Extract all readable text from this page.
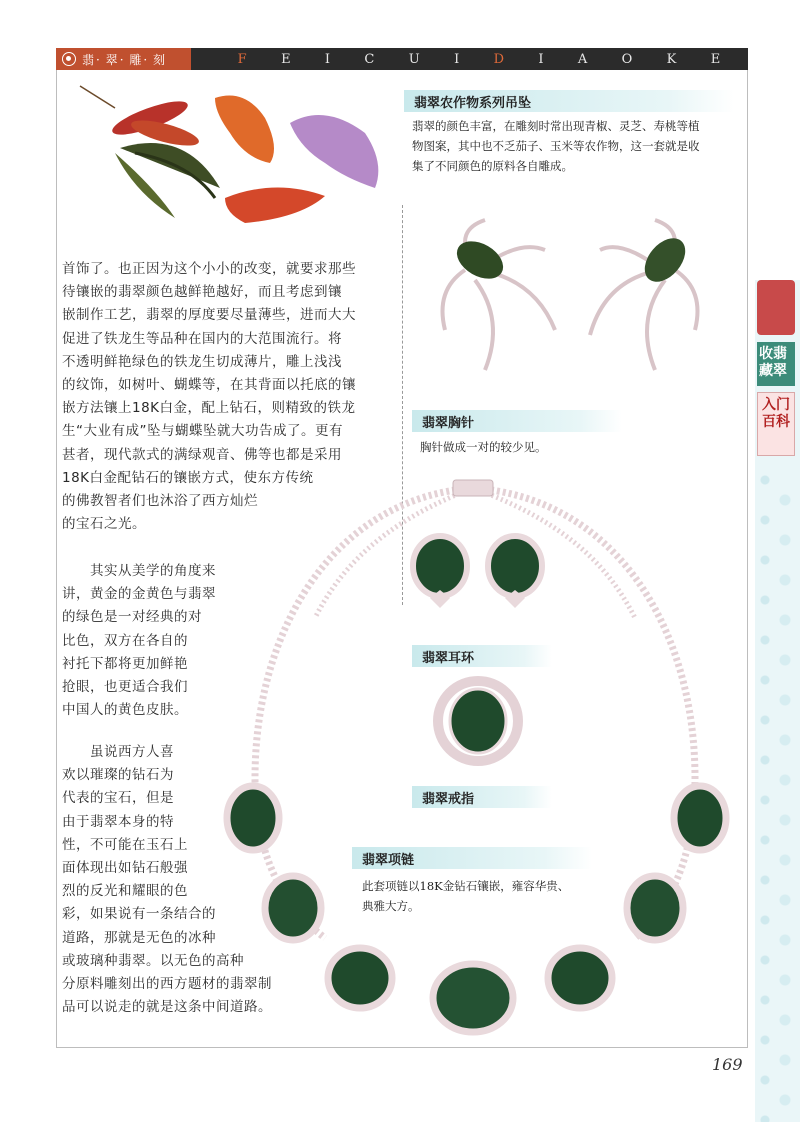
翡 · 翠 · 雕 · 刻	F	E	I	C	U	I	D	I	A	O	K	E
翡翠农作物系列吊坠
翡翠的颜色丰富，在雕刻时常出现青椒、灵芝、寿桃等植
物图案，其中也不乏茄子、玉米等农作物，这一套就是收
集了不同颜色的原料各自雕成。
翡翠胸针
胸针做成一对的较少见。

首饰了。也正因为这个小小的改变，就要求那些

待镶嵌的翡翠颜色越鲜艳越好，而且考虑到镶

嵌制作工艺，翡翠的厚度要尽量薄些，进而大大

促进了铁龙生等品种在国内的大范围流行。将

不透明鲜艳绿色的铁龙生切成薄片，雕上浅浅

的纹饰，如树叶、蝴蝶等，在其背面以托底的镶

嵌方法镶上18K白金，配上钻石，则精致的铁龙

生“大业有成”坠与蝴蝶坠就大功告成了。更有

甚者，现代款式的满绿观音、佛等也都是采用

18K白金配钻石的镶嵌方式，使东方传统

的佛教智者们也沐浴了西方灿烂

的宝石之光。

　　其实从美学的角度来

讲，黄金的金黄色与翡翠

的绿色是一对经典的对

比色，双方在各自的

衬托下都将更加鲜艳

抢眼，也更适合我们

中国人的黄色皮肤。

　　虽说西方人喜

欢以璀璨的钻石为

代表的宝石，但是

由于翡翠本身的特

性，不可能在玉石上

面体现出如钻石般强

烈的反光和耀眼的色

彩，如果说有一条结合的

道路，那就是无色的冰种

或玻璃种翡翠。以无色的高种

分原料雕刻出的西方题材的翡翠制

品可以说走的就是这条中间道路。

翡翠耳环
翡翠戒指
翡翠项链
此套项链以18K金钻石镶嵌，雍容华贵、
典雅大方。
收翡
藏翠
入门
百科
169
